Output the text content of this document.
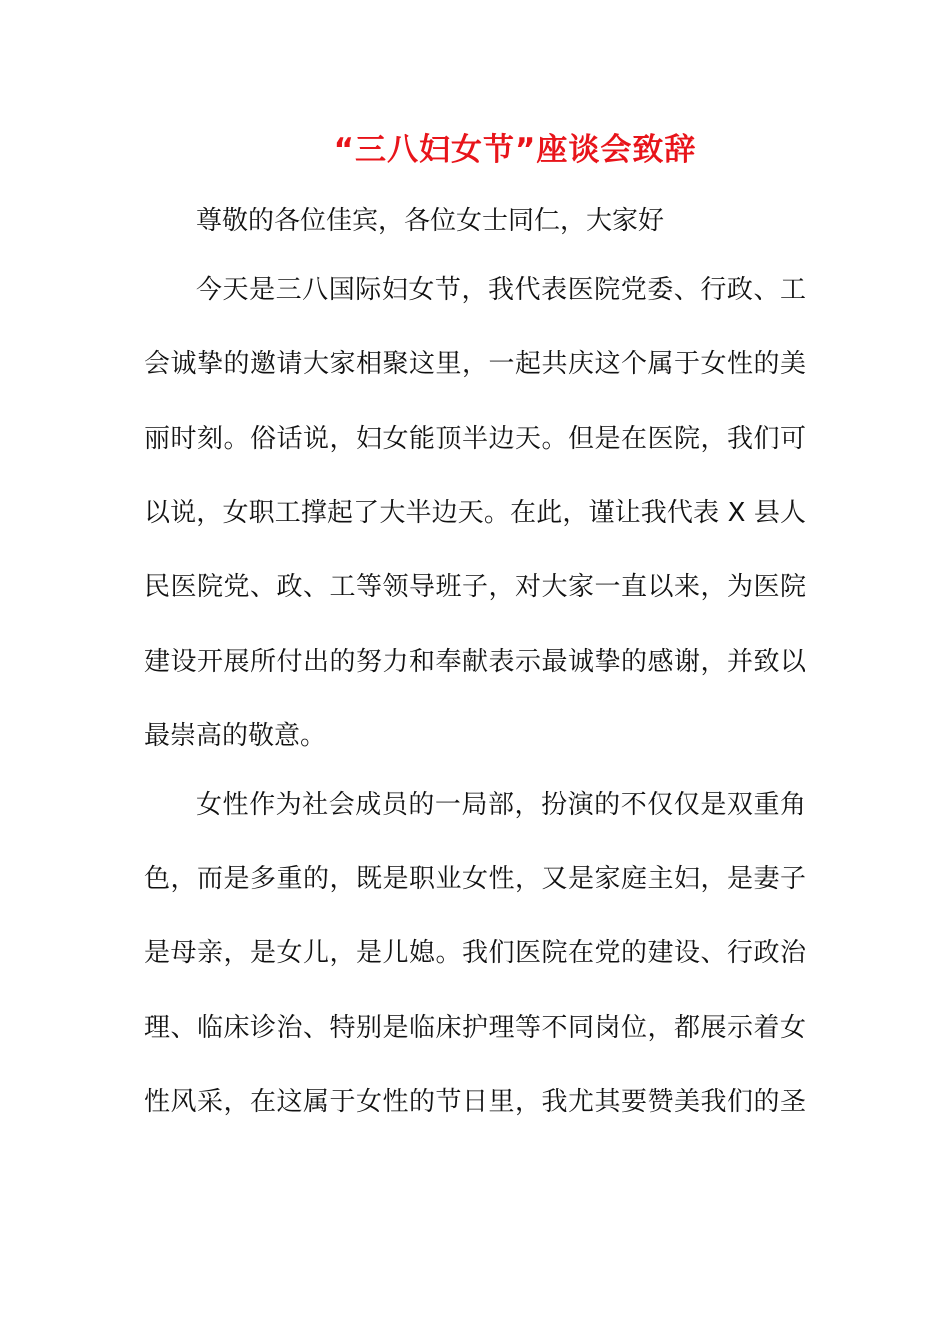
“三八妇女节”座谈会致辞
尊敬的各位佳宾，各位女士同仁，大家好
今天是三八国际妇女节，我代表医院党委、行政、工
会诚挚的邀请大家相聚这里，一起共庆这个属于女性的美
丽时刻。俗话说，妇女能顶半边天。但是在医院，我们可
以说，女职工撑起了大半边天。在此，谨让我代表 X 县人
民医院党、政、工等领导班子，对大家一直以来，为医院
建设开展所付出的努力和奉献表示最诚挚的感谢，并致以
最崇高的敬意。
女性作为社会成员的一局部，扮演的不仅仅是双重角
色，而是多重的，既是职业女性，又是家庭主妇，是妻子
是母亲，是女儿，是儿媳。我们医院在党的建设、行政治
理、临床诊治、特别是临床护理等不同岗位，都展示着女
性风采，在这属于女性的节日里，我尤其要赞美我们的圣
